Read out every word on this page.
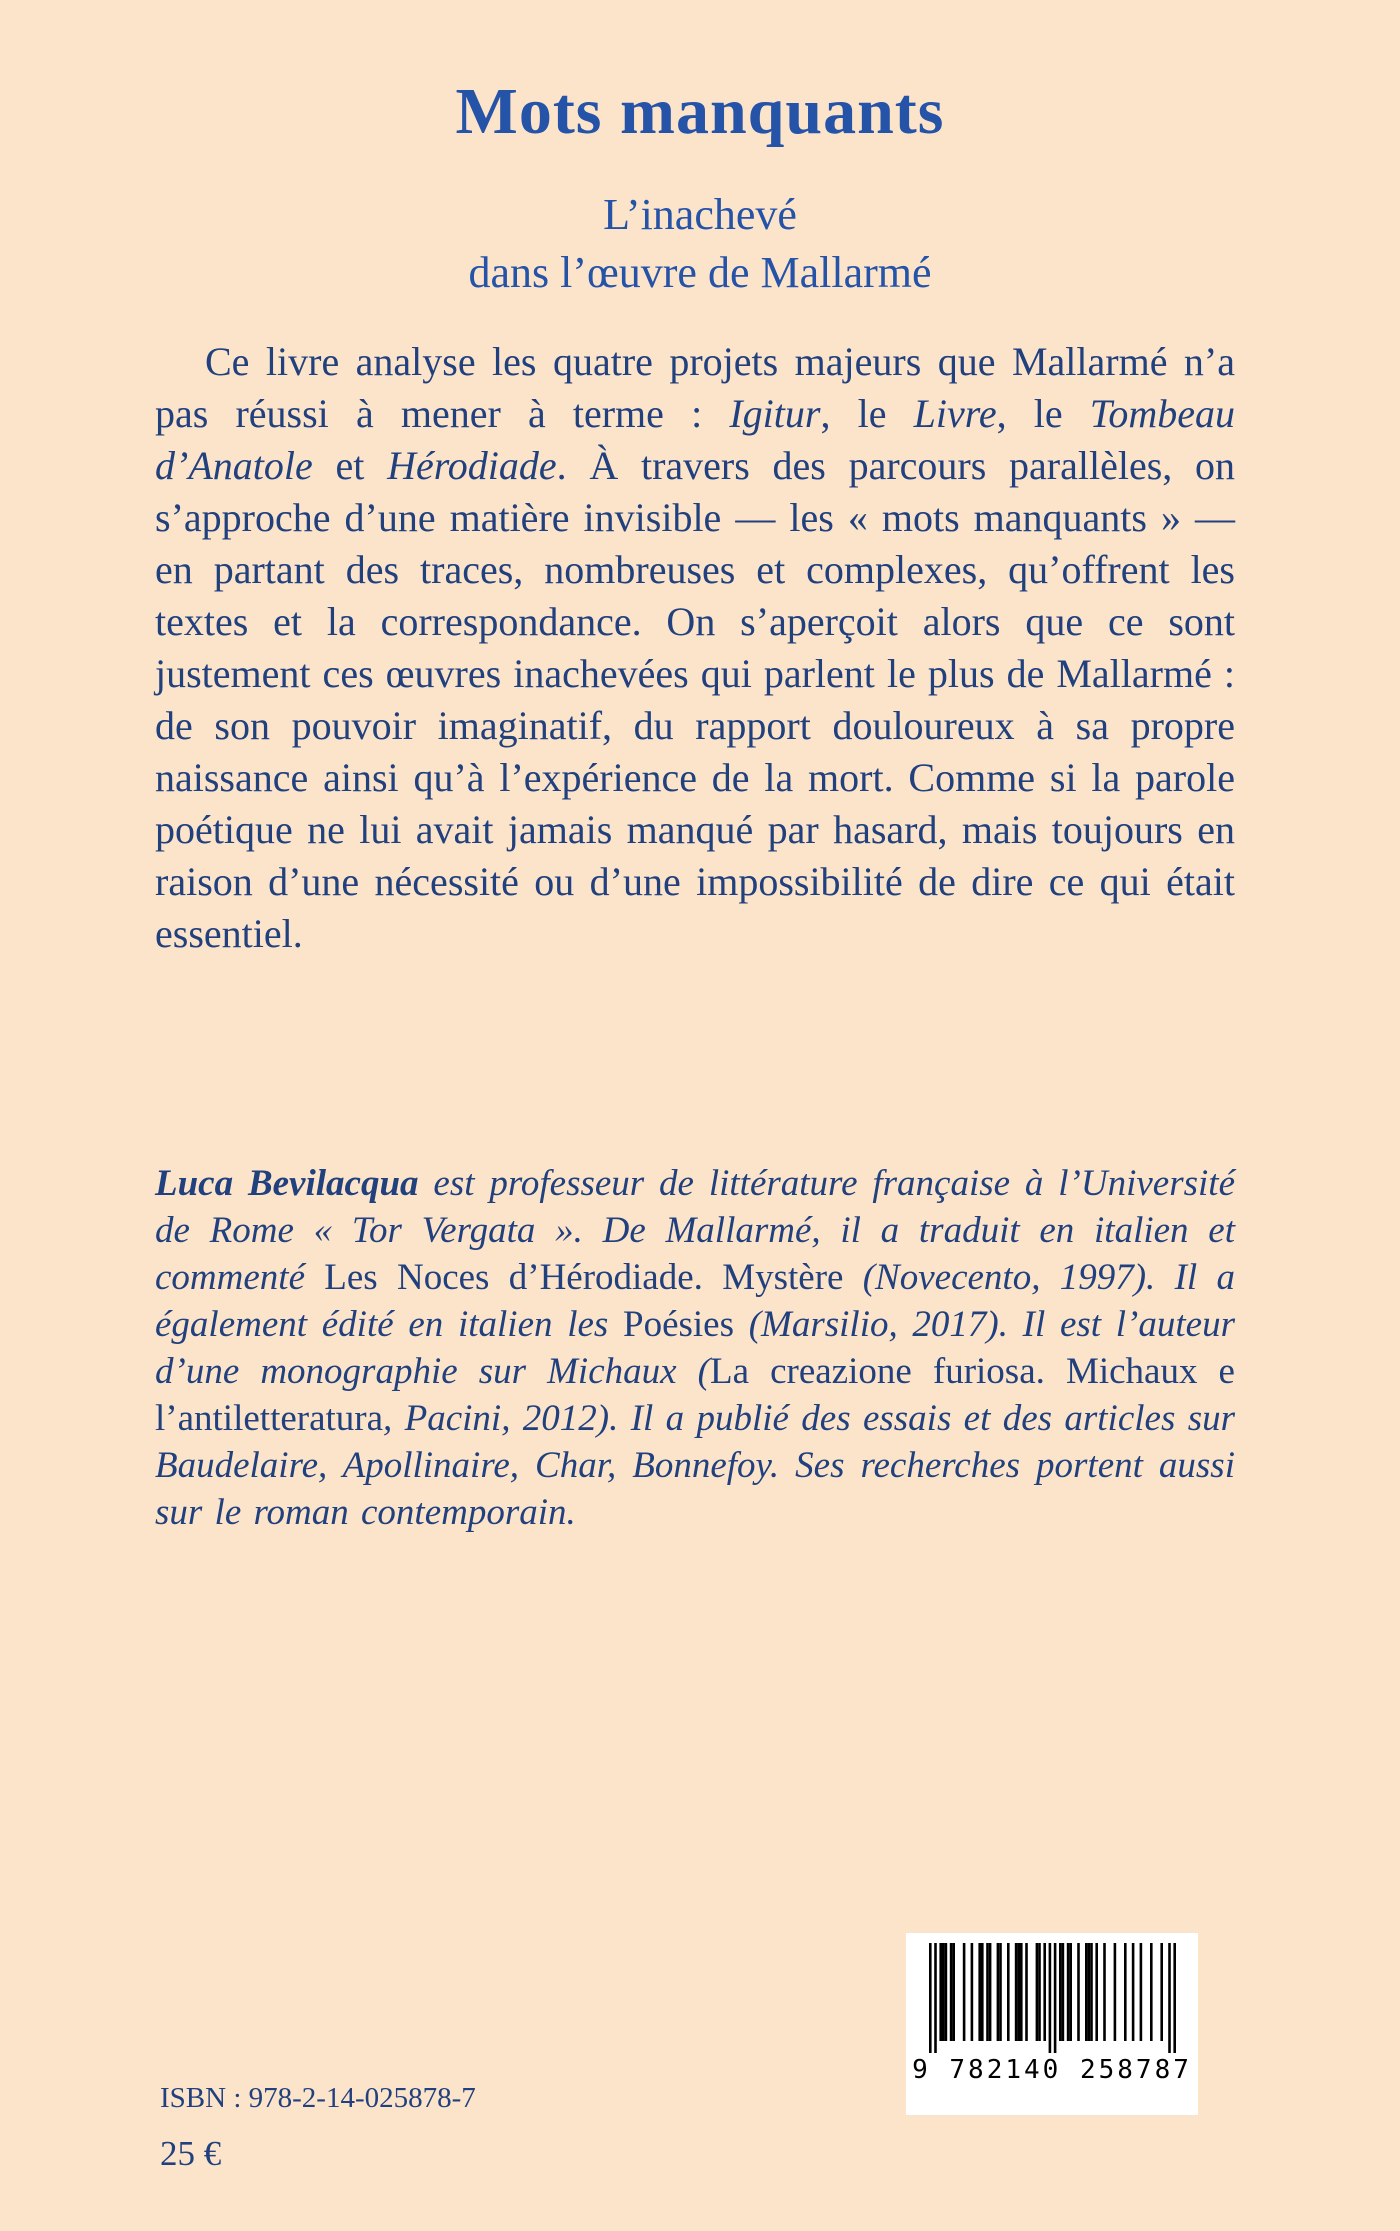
Mots manquants
L’inachevé
dans l’œuvre de Mallarmé

Ce livre analyse les quatre projets majeurs que Mallarmé n’a pas réussi à mener à terme : Igitur, le Livre, le Tombeau d’Anatole et Hérodiade. À travers des parcours parallèles, on s’approche d’une matière invisible — les « mots manquants » — en partant des traces, nombreuses et complexes, qu’offrent les textes et la correspondance. On s’aperçoit alors que ce sont justement ces œuvres inachevées qui parlent le plus de Mallarmé : de son pouvoir imaginatif, du rapport douloureux à sa propre naissance ainsi qu’à l’expérience de la mort. Comme si la parole poétique ne lui avait jamais manqué par hasard, mais toujours en raison d’une nécessité ou d’une impossibilité de dire ce qui était essentiel.

Luca Bevilacqua est professeur de littérature française à l’Université de Rome « Tor Vergata ». De Mallarmé, il a traduit en italien et commenté Les Noces d’Hérodiade. Mystère (Novecento, 1997). Il a également édité en italien les Poésies (Marsilio, 2017). Il est l’auteur d’une monographie sur Michaux (La creazione furiosa. Michaux e l’antiletteratura, Pacini, 2012). Il a publié des essais et des articles sur Baudelaire, Apollinaire, Char, Bonnefoy. Ses recherches portent aussi sur le roman contemporain.

ISBN : 978-2-14-025878-7
25 €
9 782140 258787
